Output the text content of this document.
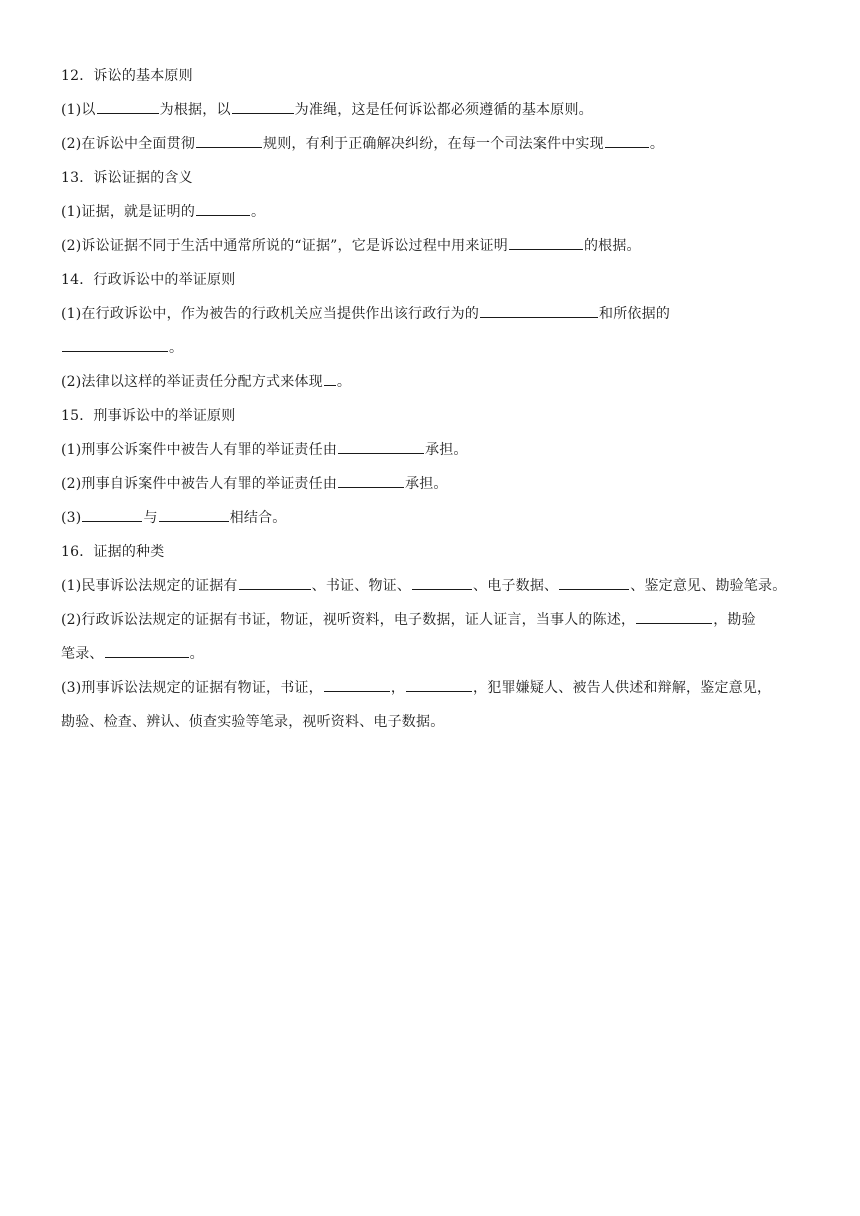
12．诉讼的基本原则
(1)以	为根据，以	为准绳，这是任何诉讼都必须遵循的基本原则。
(2)在诉讼中全面贯彻	规则，有利于正确解决纠纷，在每一个司法案件中实现	。
13．诉讼证据的含义
(1)证据，就是证明的	。
(2)诉讼证据不同于生活中通常所说的“证据”，它是诉讼过程中用来证明	的根据。
14．行政诉讼中的举证原则
(1)在行政诉讼中，作为被告的行政机关应当提供作出该行政行为的	和所依据的
。
(2)法律以这样的举证责任分配方式来体现 。
15．刑事诉讼中的举证原则
(1)刑事公诉案件中被告人有罪的举证责任由	承担。
(2)刑事自诉案件中被告人有罪的举证责任由	承担。
(3)	与	相结合。
16．证据的种类
(1)民事诉讼法规定的证据有	、书证、物证、	、电子数据、	、鉴定意见、勘验笔录。
(2)行政诉讼法规定的证据有书证，物证，视听资料，电子数据，证人证言，当事人的陈述，	，勘验
笔录、	。
(3)刑事诉讼法规定的证据有物证，书证，	，	，犯罪嫌疑人、被告人供述和辩解，鉴定意见，
勘验、检查、辨认、侦查实验等笔录，视听资料、电子数据。
